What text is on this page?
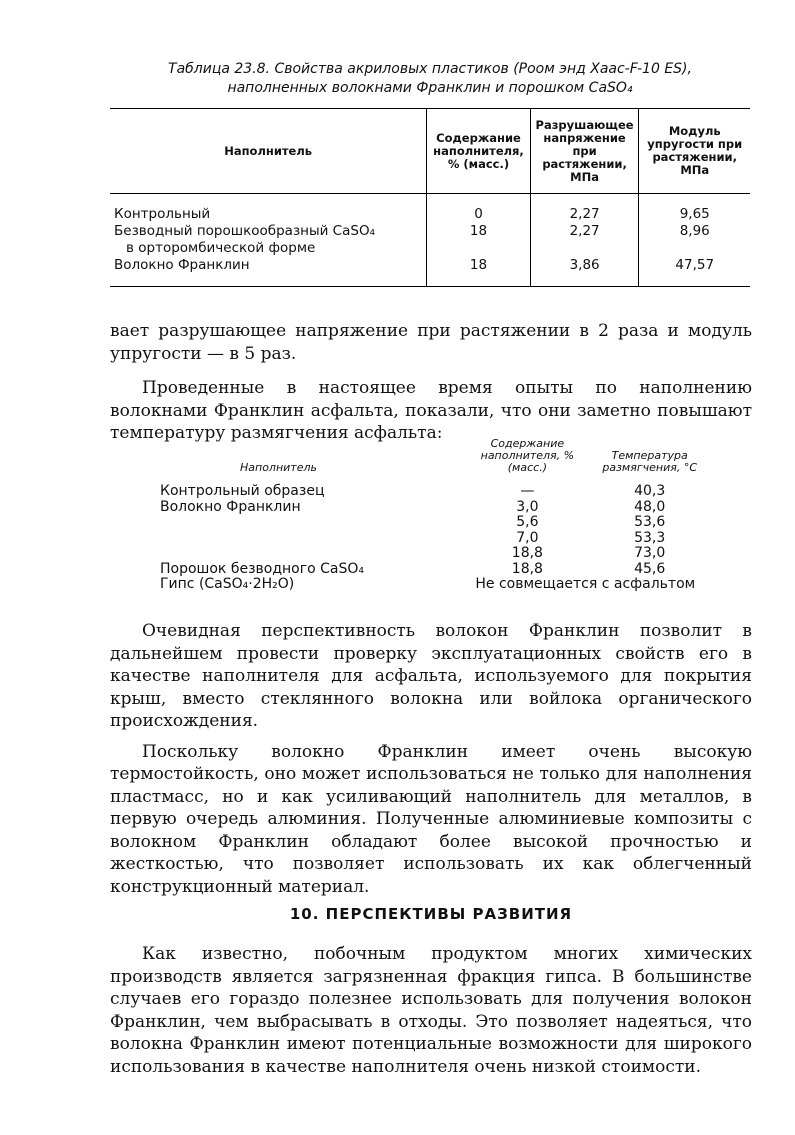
Таблица 23.8. Свойства акриловых пластиков (Роом энд Хаас-F-10 ES),
наполненных волокнами Франклин и порошком CaSO₄
Наполнитель	Содержание наполнителя, % (масс.)	Разрушающее напряжение при растяжении, МПа	Модуль упругости при растяжении, МПа
Контрольный	0	2,27	9,65
Безводный порошкообразный CaSO₄	18	2,27	8,96
в орторомбической форме			
Волокно Франклин	18	3,86	47,57

вает разрушающее напряжение при растяжении в 2 раза и модуль упругости — в 5 раз.

Проведенные в настоящее время опыты по наполнению волокнами Франклин асфальта, показали, что они заметно повышают температуру размягчения асфальта:

Наполнитель	Содержание наполнителя, % (масс.)	Температура размягчения, °С
Контрольный образец	—	40,3
Волокно Франклин	3,0	48,0
	5,6	53,6
	7,0	53,3
	18,8	73,0
Порошок безводного CaSO₄	18,8	45,6
Гипс (CaSO₄·2H₂O)	Не совмещается с асфальтом	

Очевидная перспективность волокон Франклин позволит в дальнейшем провести проверку эксплуатационных свойств его в качестве наполнителя для асфальта, используемого для покрытия крыш, вместо стеклянного волокна или войлока органического происхождения.

Поскольку волокно Франклин имеет очень высокую термостойкость, оно может использоваться не только для наполнения пластмасс, но и как усиливающий наполнитель для металлов, в первую очередь алюминия. Полученные алюминиевые композиты с волокном Франклин обладают более высокой прочностью и жесткостью, что позволяет использовать их как облегченный конструкционный материал.

10. ПЕРСПЕКТИВЫ РАЗВИТИЯ

Как известно, побочным продуктом многих химических производств является загрязненная фракция гипса. В большинстве случаев его гораздо полезнее использовать для получения волокон Франклин, чем выбрасывать в отходы. Это позволяет надеяться, что волокна Франклин имеют потенциальные возможности для широкого использования в качестве наполнителя очень низкой стоимости.
